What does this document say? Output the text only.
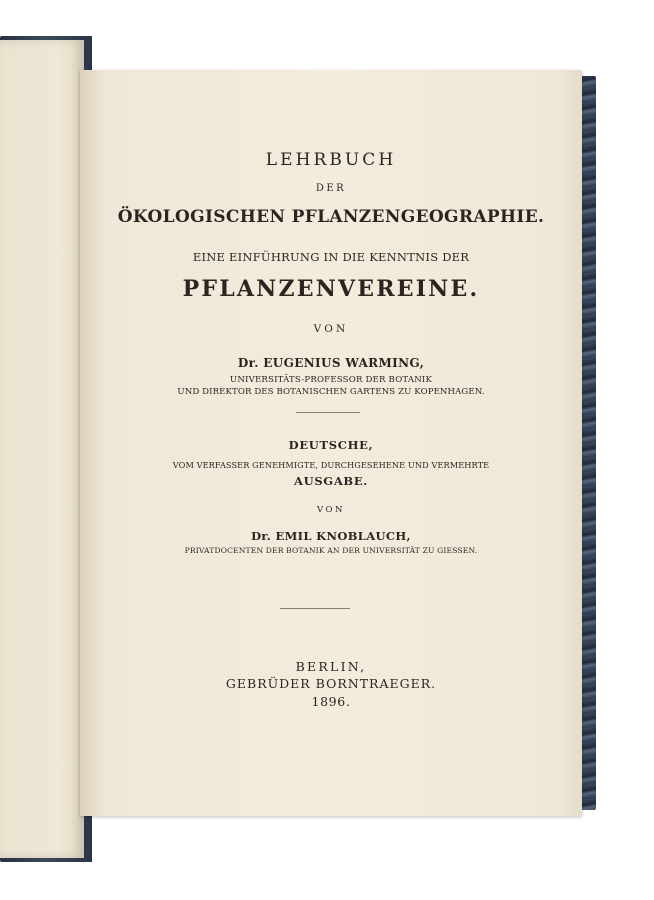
LEHRBUCH
DER
ÖKOLOGISCHEN PFLANZENGEOGRAPHIE.
EINE EINFÜHRUNG IN DIE KENNTNIS DER
PFLANZENVEREINE.
VON
Dr. EUGENIUS WARMING,
UNIVERSITÄTS-PROFESSOR DER BOTANIK
UND DIREKTOR DES BOTANISCHEN GARTENS ZU KOPENHAGEN.
DEUTSCHE,
VOM VERFASSER GENEHMIGTE, DURCHGESEHENE UND VERMEHRTE
AUSGABE.
VON
Dr. EMIL KNOBLAUCH,
PRIVATDOCENTEN DER BOTANIK AN DER UNIVERSITÄT ZU GIESSEN.
BERLIN,
GEBRÜDER BORNTRAEGER.
1896.
